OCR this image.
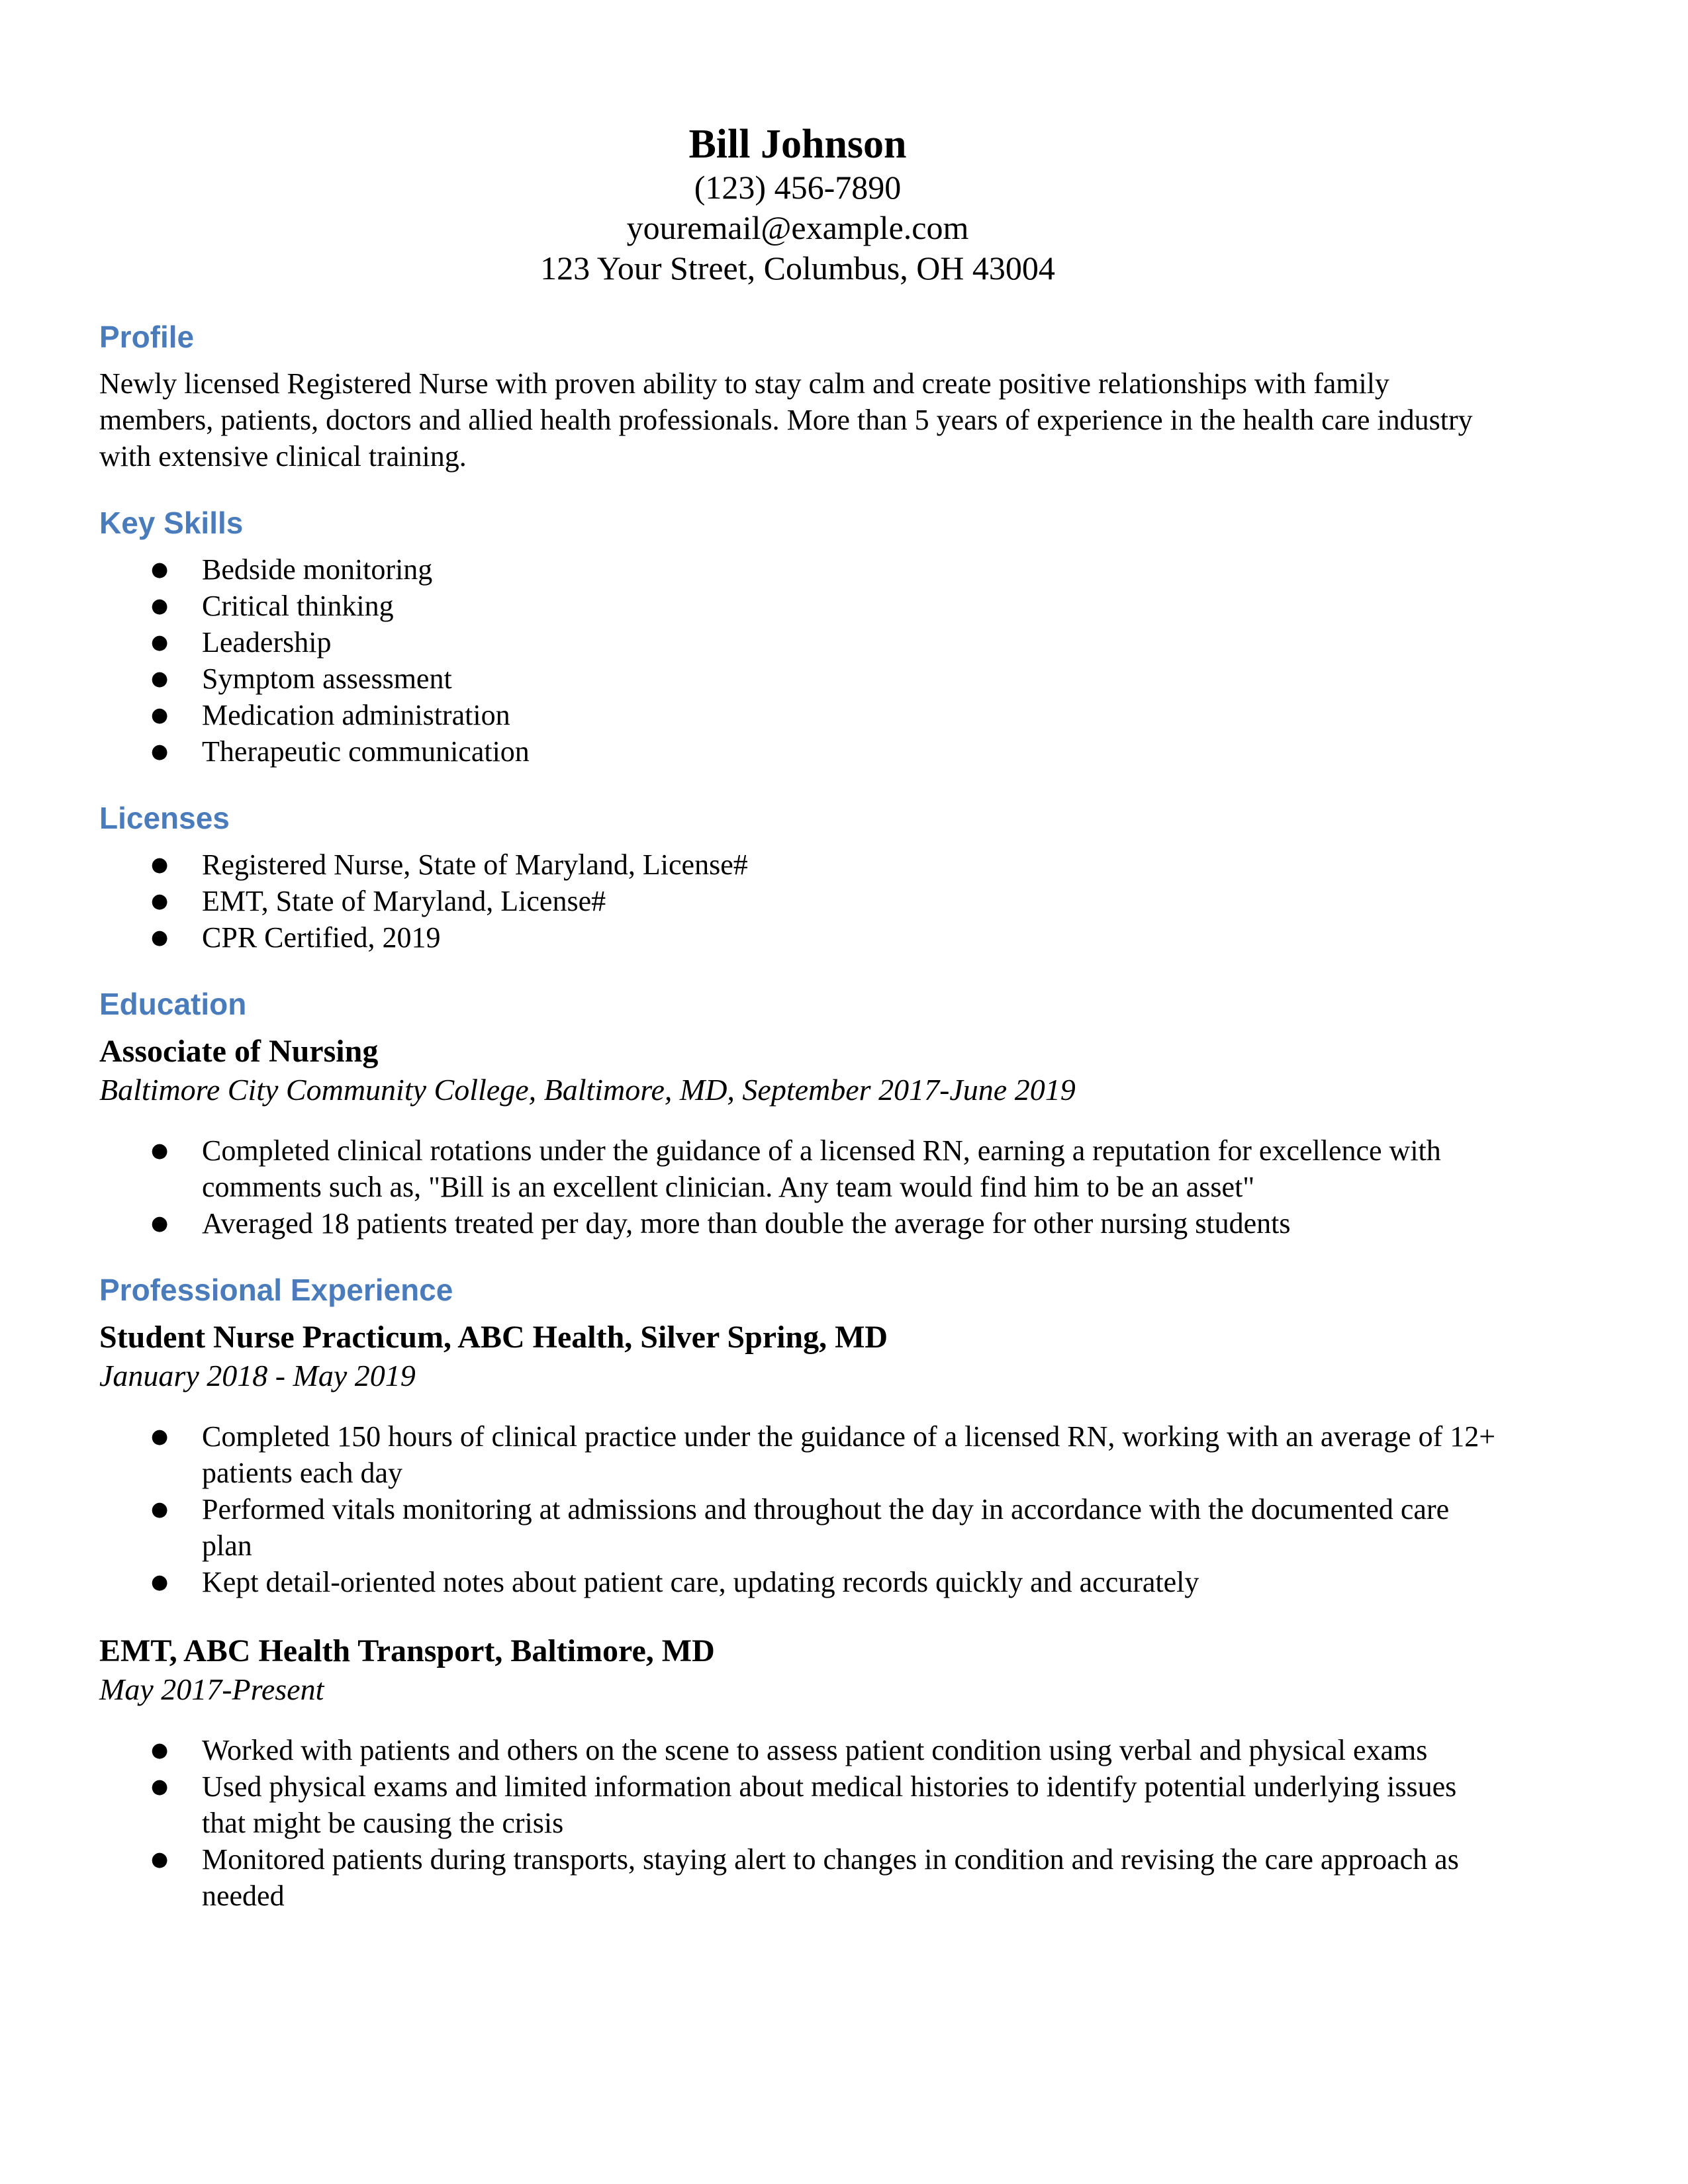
Bill Johnson

(123) 456-7890

youremail@example.com

123 Your Street, Columbus, OH 43004

Profile

Newly licensed Registered Nurse with proven ability to stay calm and create positive relationships with family members, patients, doctors and allied health professionals. More than 5 years of experience in the health care industry with extensive clinical training.

Key Skills
● Bedside monitoring
● Critical thinking
● Leadership
● Symptom assessment
● Medication administration
● Therapeutic communication
Licenses
● Registered Nurse, State of Maryland, License#
● EMT, State of Maryland, License#
● CPR Certified, 2019
Education
Associate of Nursing

Baltimore City Community College, Baltimore, MD, September 2017-June 2019

● Completed clinical rotations under the guidance of a licensed RN, earning a reputation for excellence with comments such as, "Bill is an excellent clinician. Any team would find him to be an asset"
● Averaged 18 patients treated per day, more than double the average for other nursing students
Professional Experience
Student Nurse Practicum, ABC Health, Silver Spring, MD

January 2018 - May 2019

● Completed 150 hours of clinical practice under the guidance of a licensed RN, working with an average of 12+ patients each day
● Performed vitals monitoring at admissions and throughout the day in accordance with the documented care plan
● Kept detail-oriented notes about patient care, updating records quickly and accurately
EMT, ABC Health Transport, Baltimore, MD

May 2017-Present

● Worked with patients and others on the scene to assess patient condition using verbal and physical exams
● Used physical exams and limited information about medical histories to identify potential underlying issues that might be causing the crisis
● Monitored patients during transports, staying alert to changes in condition and revising the care approach as needed
